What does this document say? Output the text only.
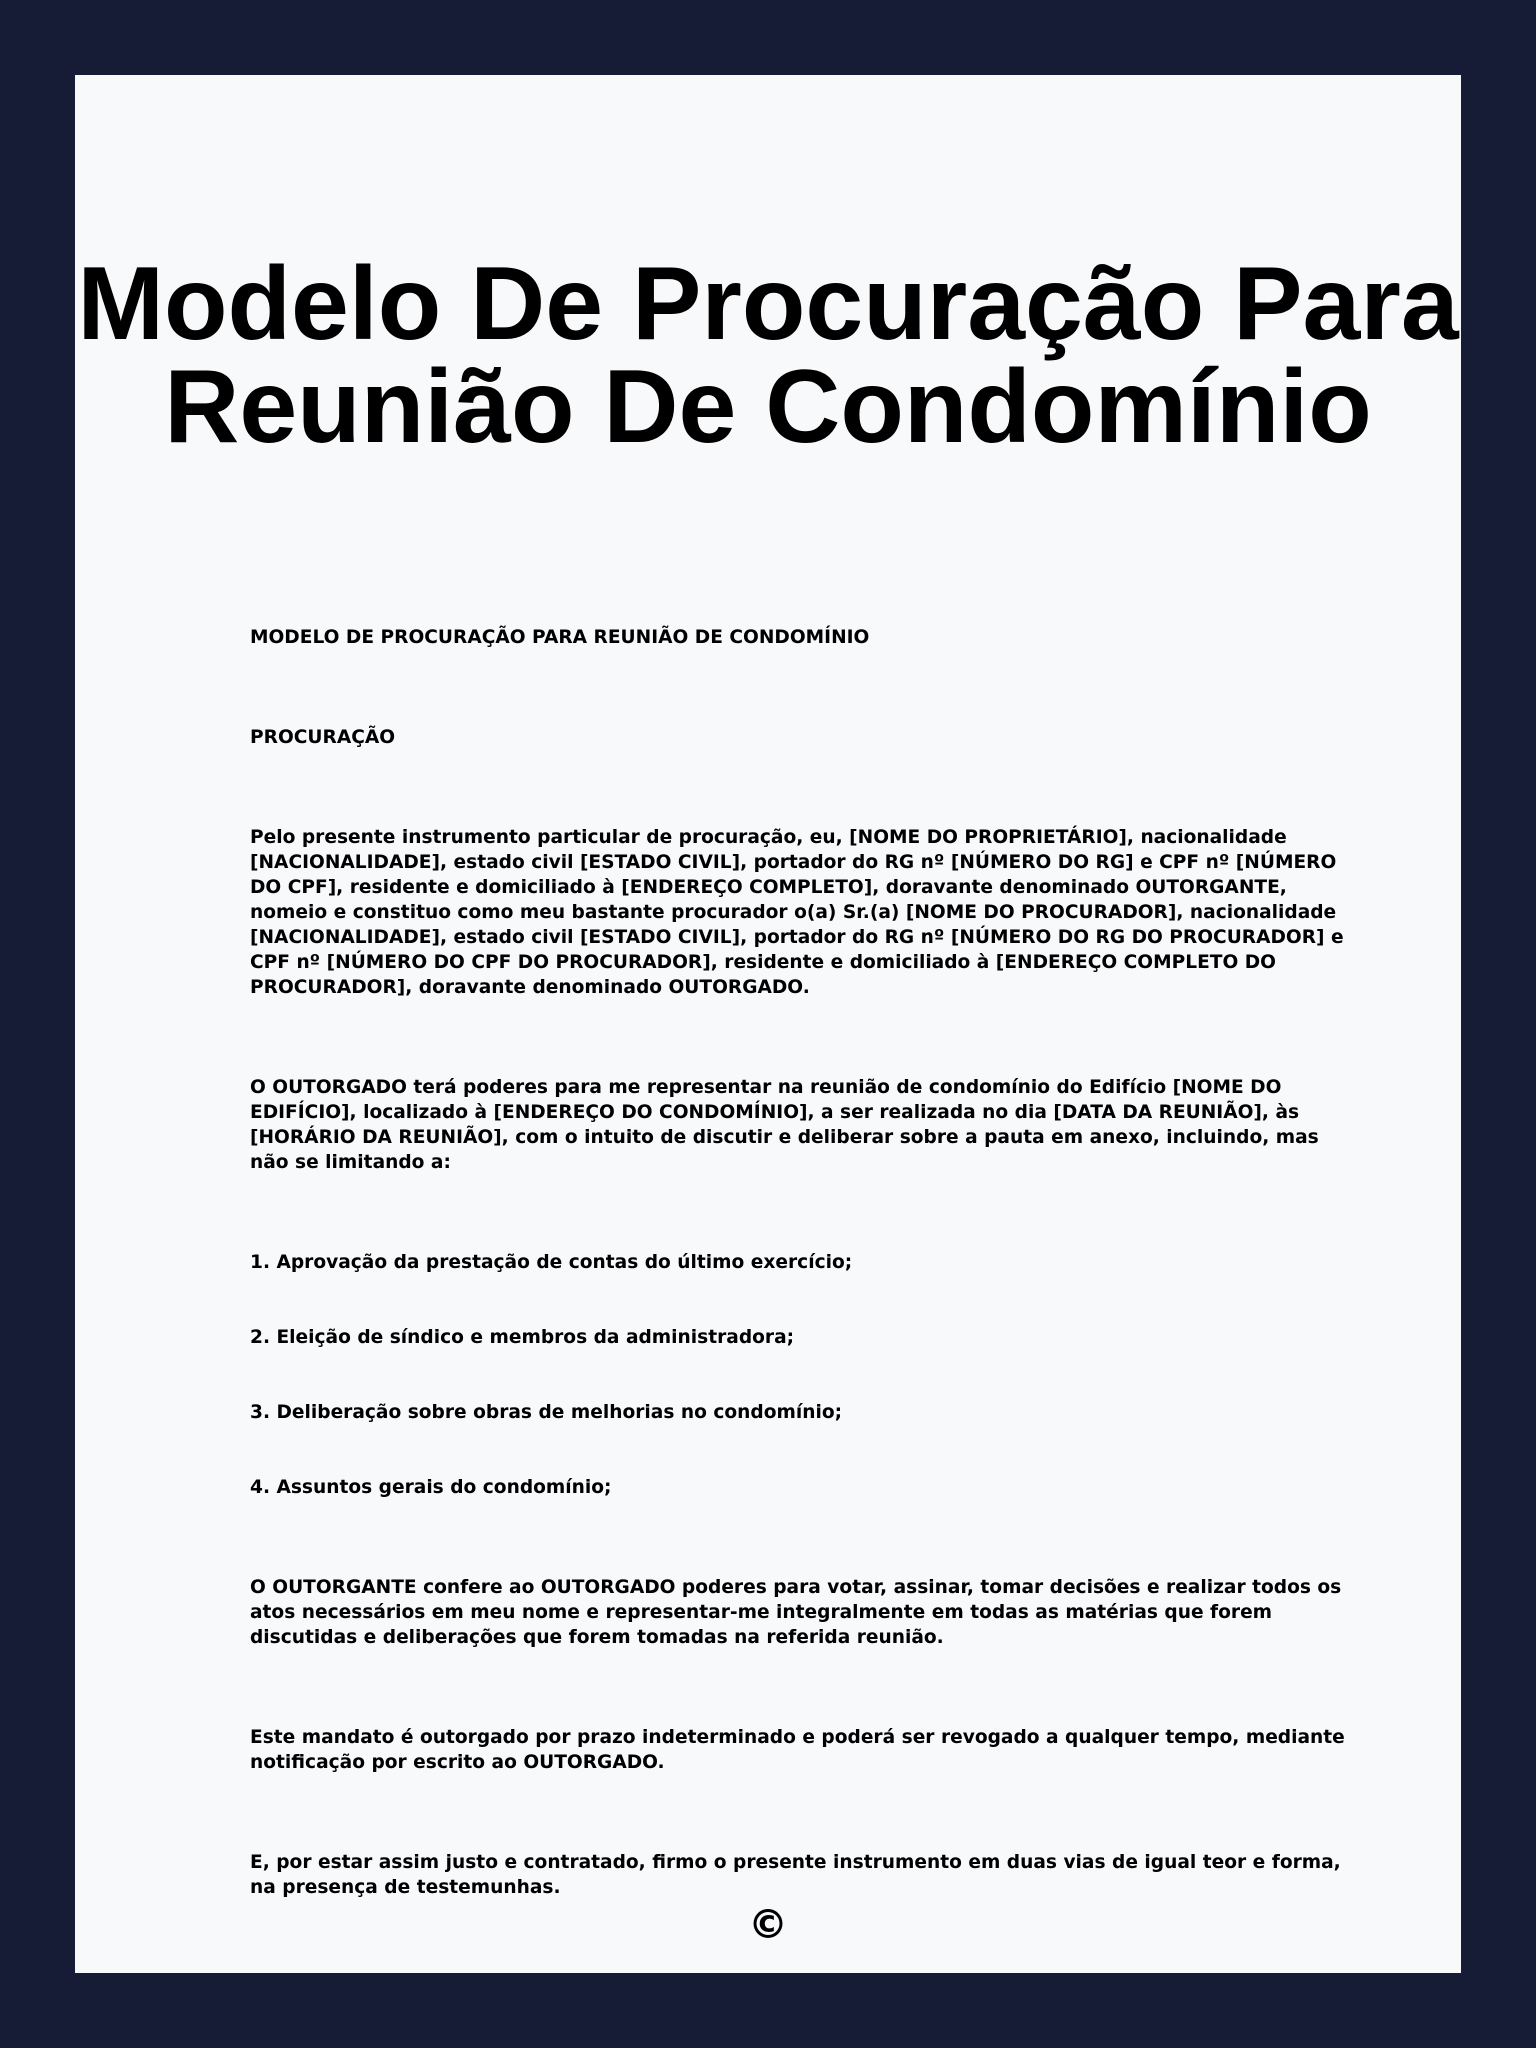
Modelo De Procuração Para
Reunião De Condomínio

MODELO DE PROCURAÇÃO PARA REUNIÃO DE CONDOMÍNIO

PROCURAÇÃO

Pelo presente instrumento particular de procuração, eu, [NOME DO PROPRIETÁRIO], nacionalidade [NACIONALIDADE], estado civil [ESTADO CIVIL], portador do RG nº [NÚMERO DO RG] e CPF nº [NÚMERO DO CPF], residente e domiciliado à [ENDEREÇO COMPLETO], doravante denominado OUTORGANTE, nomeio e constituo como meu bastante procurador o(a) Sr.(a) [NOME DO PROCURADOR], nacionalidade [NACIONALIDADE], estado civil [ESTADO CIVIL], portador do RG nº [NÚMERO DO RG DO PROCURADOR] e CPF nº [NÚMERO DO CPF DO PROCURADOR], residente e domiciliado à [ENDEREÇO COMPLETO DO PROCURADOR], doravante denominado OUTORGADO.

O OUTORGADO terá poderes para me representar na reunião de condomínio do Edifício [NOME DO EDIFÍCIO], localizado à [ENDEREÇO DO CONDOMÍNIO], a ser realizada no dia [DATA DA REUNIÃO], às [HORÁRIO DA REUNIÃO], com o intuito de discutir e deliberar sobre a pauta em anexo, incluindo, mas não se limitando a:

1. Aprovação da prestação de contas do último exercício;

2. Eleição de síndico e membros da administradora;

3. Deliberação sobre obras de melhorias no condomínio;

4. Assuntos gerais do condomínio;

O OUTORGANTE confere ao OUTORGADO poderes para votar, assinar, tomar decisões e realizar todos os atos necessários em meu nome e representar-me integralmente em todas as matérias que forem discutidas e deliberações que forem tomadas na referida reunião.

Este mandato é outorgado por prazo indeterminado e poderá ser revogado a qualquer tempo, mediante notificação por escrito ao OUTORGADO.

E, por estar assim justo e contratado, firmo o presente instrumento em duas vias de igual teor e forma, na presença de testemunhas.

©
